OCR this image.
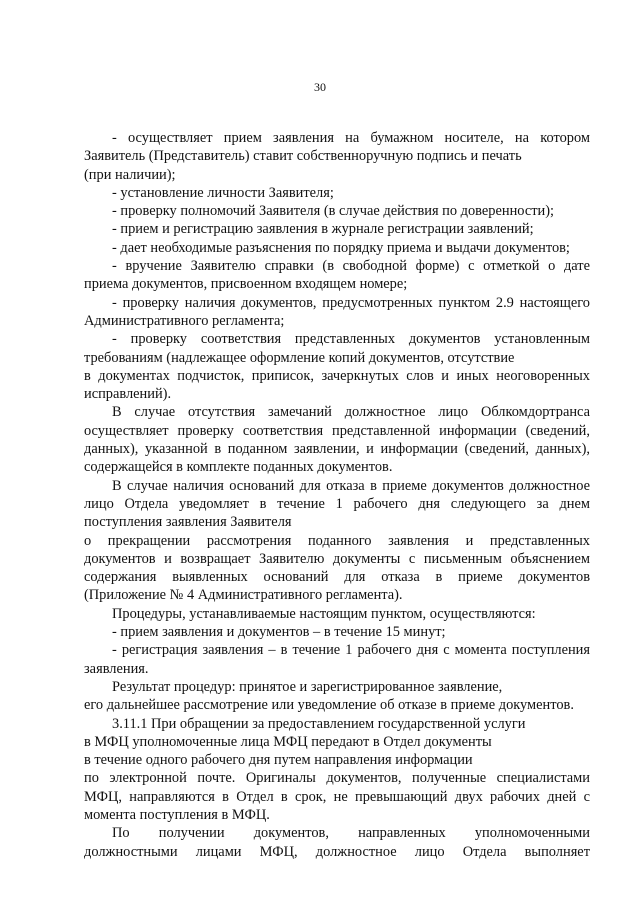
30
- осуществляет прием заявления на бумажном носителе, на котором
Заявитель (Представитель) ставит собственноручную подпись и печать
(при наличии);
- установление личности Заявителя;
- проверку полномочий Заявителя (в случае действия по доверенности);
- прием и регистрацию заявления в журнале регистрации заявлений;
- дает необходимые разъяснения по порядку приема и выдачи документов;
- вручение Заявителю справки (в свободной форме) с отметкой о дате
приема документов, присвоенном входящем номере;
- проверку наличия документов, предусмотренных пунктом 2.9 настоящего
Административного регламента;
- проверку соответствия представленных документов установленным
требованиям (надлежащее оформление копий документов, отсутствие
в документах подчисток, приписок, зачеркнутых слов и иных неоговоренных
исправлений).
В случае отсутствия замечаний должностное лицо Облкомдортранса
осуществляет проверку соответствия представленной информации (сведений,
данных), указанной в поданном заявлении, и информации (сведений, данных),
содержащейся в комплекте поданных документов.
В случае наличия оснований для отказа в приеме документов должностное
лицо Отдела уведомляет в течение 1 рабочего дня следующего за днем
поступления заявления Заявителя
о прекращении рассмотрения поданного заявления и представленных
документов и возвращает Заявителю документы с письменным объяснением
содержания выявленных оснований для отказа в приеме документов
(Приложение № 4 Административного регламента).
Процедуры, устанавливаемые настоящим пунктом, осуществляются:
- прием заявления и документов – в течение 15 минут;
- регистрация заявления – в течение 1 рабочего дня с момента поступления
заявления.
Результат процедур: принятое и зарегистрированное заявление,
его дальнейшее рассмотрение или уведомление об отказе в приеме документов.
3.11.1 При обращении за предоставлением государственной услуги
в МФЦ уполномоченные лица МФЦ передают в Отдел документы
в течение одного рабочего дня путем направления информации
по электронной почте. Оригиналы документов, полученные специалистами
МФЦ, направляются в Отдел в срок, не превышающий двух рабочих дней с
момента поступления в МФЦ.
По получении документов, направленных уполномоченными
должностными лицами МФЦ, должностное лицо Отдела выполняет
